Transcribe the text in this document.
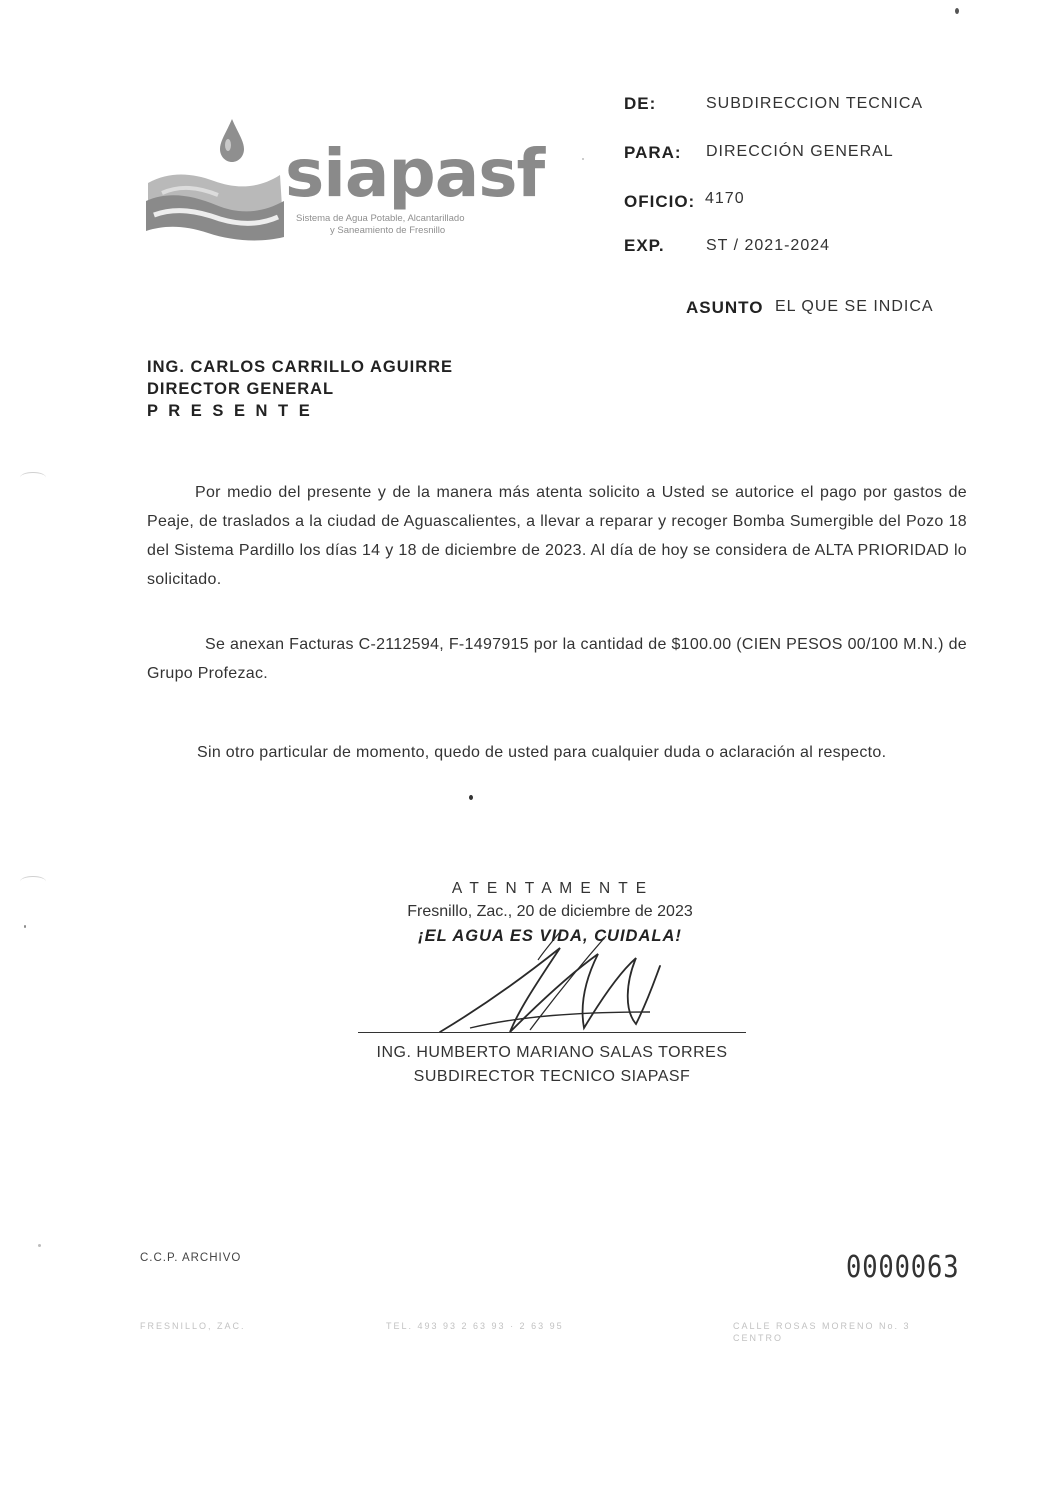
siapasf
Sistema de Agua Potable, Alcantarillado
y Saneamiento de Fresnillo
DE:	SUBDIRECCION TECNICA
PARA: DIRECCIÓN GENERAL
OFICIO: 4170
EXP.	ST / 2021-2024
ASUNTO EL QUE SE INDICA
ING. CARLOS CARRILLO AGUIRRE
DIRECTOR GENERAL
P R E S E N T E
Por medio del presente y de la manera más atenta solicito a Usted se autorice el pago por gastos de Peaje, de traslados a la ciudad de Aguascalientes, a llevar a reparar y recoger Bomba Sumergible del Pozo 18 del Sistema Pardillo los días 14 y 18 de diciembre de 2023. Al día de hoy se considera de ALTA PRIORIDAD lo solicitado.
Se anexan Facturas C-2112594, F-1497915 por la cantidad de $100.00 (CIEN PESOS 00/100 M.N.) de Grupo Profezac.
Sin otro particular de momento, quedo de usted para cualquier duda o aclaración al respecto.
A T E N T A M E N T E
Fresnillo, Zac., 20 de diciembre de 2023
¡EL AGUA ES VIDA, CUIDALA!
ING. HUMBERTO MARIANO SALAS TORRES
SUBDIRECTOR TECNICO SIAPASF
C.C.P. ARCHIVO	0000063
FRESNILLO, ZAC.	TEL. 493 93 2 63 93 · 2 63 95	CALLE ROSAS MORENO No. 3
CENTRO
